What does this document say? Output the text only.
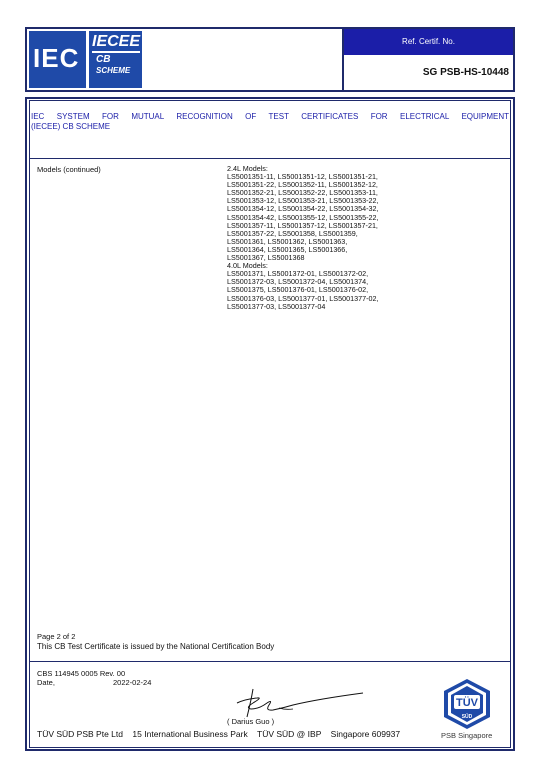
IEC
IECEE
CB
SCHEME
Ref. Certif. No.
SG PSB-HS-10448
IEC SYSTEM FOR MUTUAL RECOGNITION OF TEST CERTIFICATES FOR ELECTRICAL EQUIPMENT
(IECEE) CB SCHEME
Models (continued)	2.4L Models:
LS5001351-11, LS5001351-12, LS5001351-21,
LS5001351-22, LS5001352-11, LS5001352-12,
LS5001352-21, LS5001352-22, LS5001353-11,
LS5001353-12, LS5001353-21, LS5001353-22,
LS5001354-12, LS5001354-22, LS5001354-32,
LS5001354-42, LS5001355-12, LS5001355-22,
LS5001357-11, LS5001357-12, LS5001357-21,
LS5001357-22, LS5001358, LS5001359,
LS5001361, LS5001362, LS5001363,
LS5001364, LS5001365, LS5001366,
LS5001367, LS5001368
4.0L Models:
LS5001371, LS5001372-01, LS5001372-02,
LS5001372-03, LS5001372-04, LS5001374,
LS5001375, LS5001376-01, LS5001376-02,
LS5001376-03, LS5001377-01, LS5001377-02,
LS5001377-03, LS5001377-04
Page 2 of 2
This CB Test Certificate is issued by the National Certification Body
CBS 114945 0005 Rev. 00
Date,	2022-02-24
( Darius Guo )
TÜV SÜD PSB Pte Ltd    15 International Business Park    TÜV SÜD @ IBP    Singapore 609937
TÜV
SÜD
PSB Singapore
